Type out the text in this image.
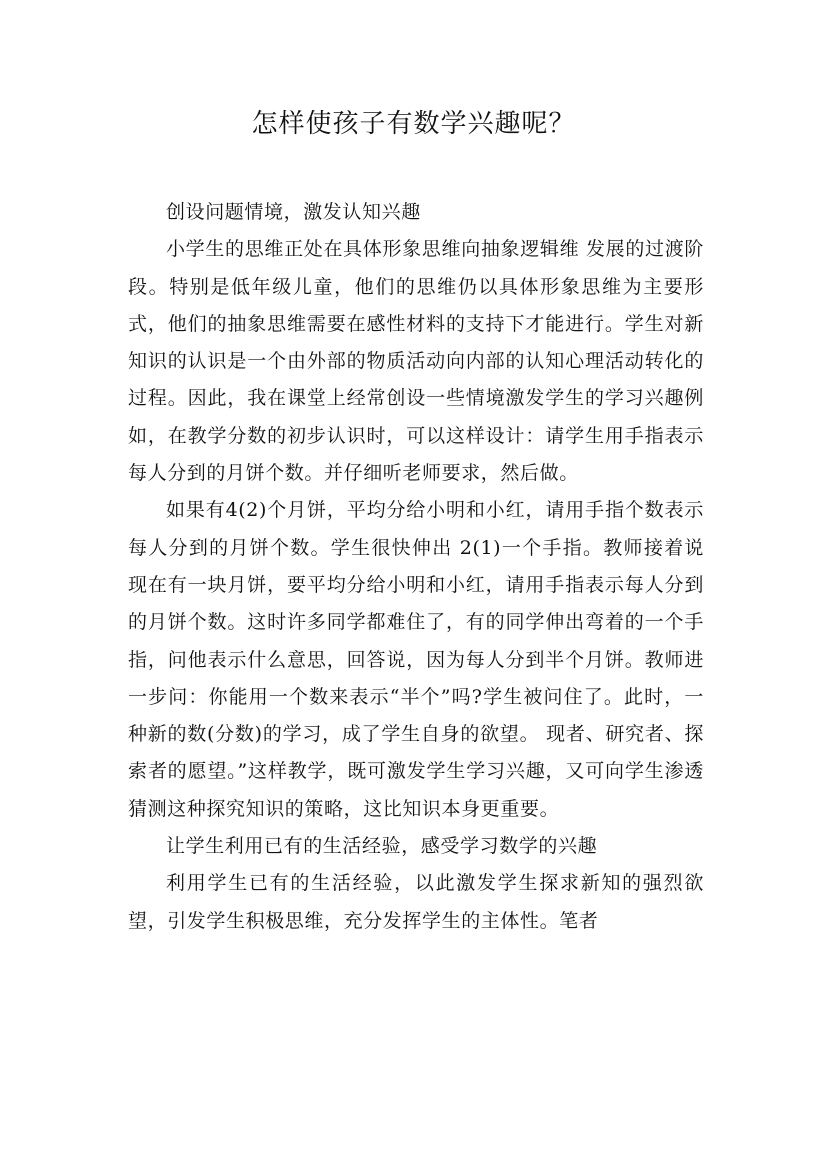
怎样使孩子有数学兴趣呢？

创设问题情境，激发认知兴趣

小学生的思维正处在具体形象思维向抽象逻辑维 发展的过渡阶段。特别是低年级儿童，他们的思维仍以具体形象思维为主要形式，他们的抽象思维需要在感性材料的支持下才能进行。学生对新知识的认识是一个由外部的物质活动向内部的认知心理活动转化的过程。因此，我在课堂上经常创设一些情境激发学生的学习兴趣例如，在教学分数的初步认识时，可以这样设计：请学生用手指表示每人分到的月饼个数。并仔细听老师要求，然后做。

如果有4(2)个月饼，平均分给小明和小红，请用手指个数表示每人分到的月饼个数。学生很快伸出 2(1)一个手指。教师接着说现在有一块月饼，要平均分给小明和小红，请用手指表示每人分到的月饼个数。这时许多同学都难住了，有的同学伸出弯着的一个手指，问他表示什么意思，回答说，因为每人分到半个月饼。教师进一步问：你能用一个数来表示“半个”吗?学生被问住了。此时，一种新的数(分数)的学习，成了学生自身的欲望。 现者、研究者、探索者的愿望。”这样教学，既可激发学生学习兴趣，又可向学生渗透猜测这种探究知识的策略，这比知识本身更重要。

让学生利用已有的生活经验，感受学习数学的兴趣

利用学生已有的生活经验，以此激发学生探求新知的强烈欲望，引发学生积极思维，充分发挥学生的主体性。笔者
